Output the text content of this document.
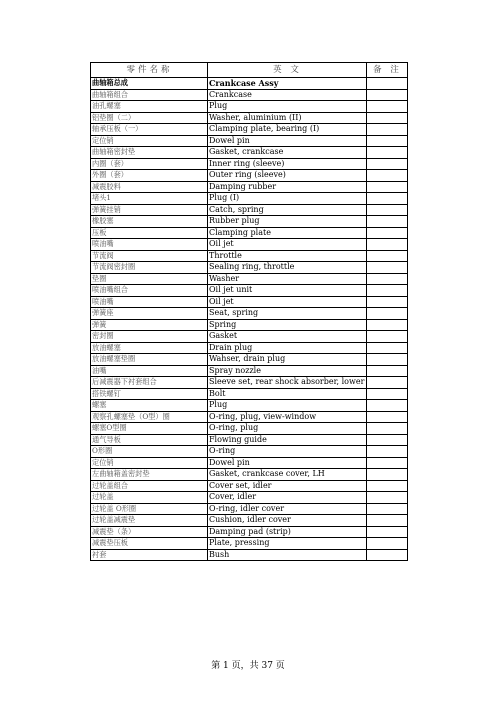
零件名称	英 文	备 注
曲轴箱总成	Crankcase Assy	
曲轴箱组合	Crankcase	
油孔螺塞	Plug	
铝垫圈（二）	Washer, aluminium (II)	
轴承压板（一）	Clamping plate, bearing (I)	
定位销	Dowel pin	
曲轴箱密封垫	Gasket, crankcase	
内圈（套）	Inner ring (sleeve)	
外圈（套）	Outer ring (sleeve)	
减震胶料	Damping rubber	
堵头1	Plug (I)	
弹簧挂销	Catch, spring	
橡胶塞	Rubber plug	
压板	Clamping plate	
喷油嘴	Oil jet	
节流阀	Throttle	
节流阀密封圈	Sealing ring, throttle	
垫圈	Washer	
喷油嘴组合	Oil jet unit	
喷油嘴	Oil jet	
弹簧座	Seat, spring	
弹簧	Spring	
密封圈	Gasket	
放油螺塞	Drain plug	
放油螺塞垫圈	Wahser, drain plug	
油嘴	Spray nozzle	
后减震器下衬套组合	Sleeve set, rear shock absorber, lower	
搭铁螺钉	Bolt	
螺塞	Plug	
观察孔螺塞垫（O型）圈	O-ring, plug, view-window	
螺塞O型圈	O-ring, plug	
通气导板	Flowing guide	
O形圈	O-ring	
定位销	Dowel pin	
左曲轴箱盖密封垫	Gasket, crankcase cover, LH	
过轮盖组合	Cover set, idler	
过轮盖	Cover, idler	
过轮盖 O形圈	O-ring, idler cover	
过轮盖减震垫	Cushion, idler cover	
减震垫（条）	Damping pad (strip)	
减震垫压板	Plate, pressing	
衬套	Bush	
第 1 页，共 37 页
